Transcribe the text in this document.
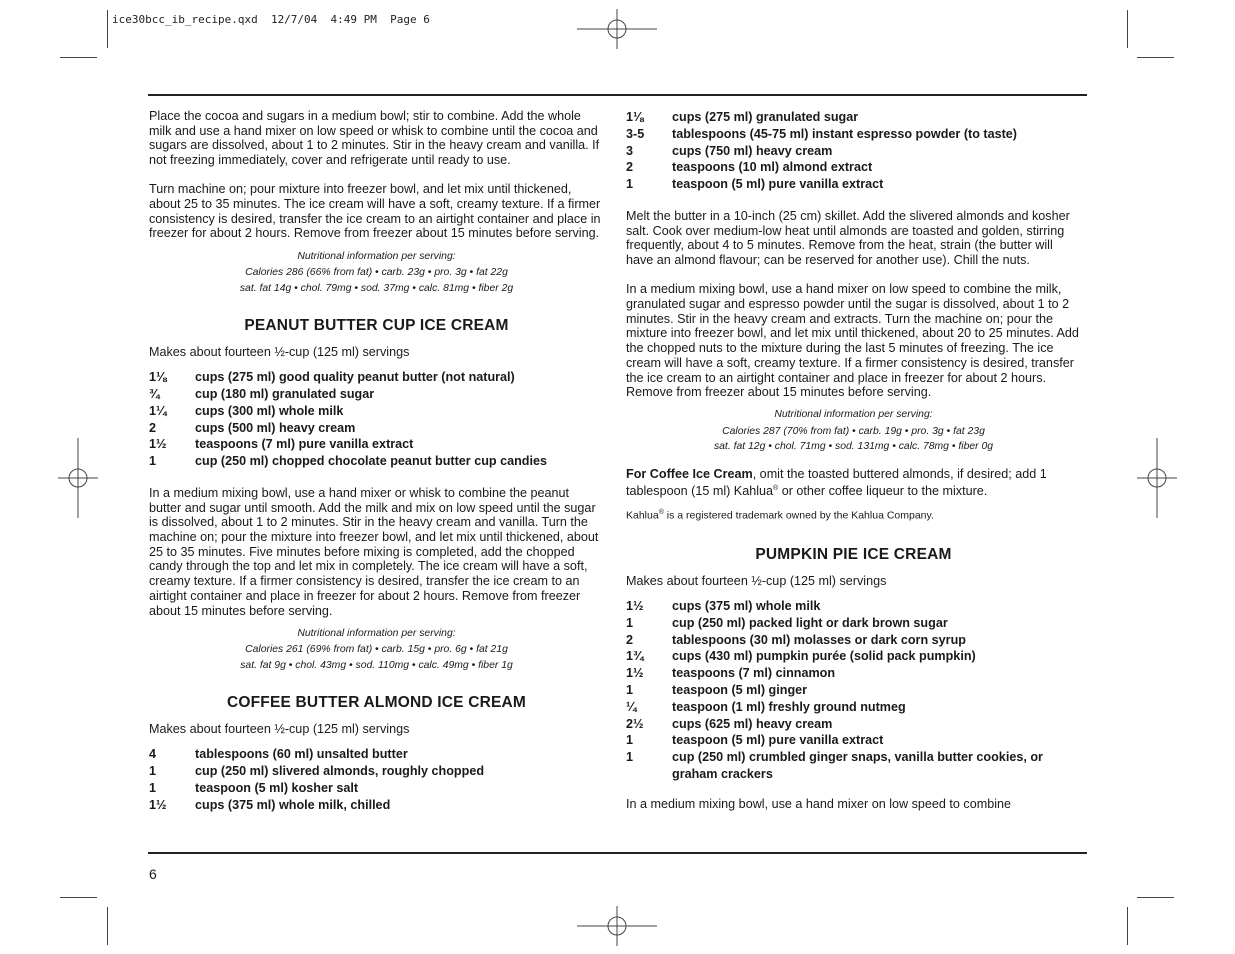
ice30bcc_ib_recipe.qxd  12/7/04  4:49 PM  Page 6

Place the cocoa and sugars in a medium bowl; stir to combine. Add the whole milk and use a hand mixer on low speed or whisk to combine until the cocoa and sugars are dissolved, about 1 to 2 minutes. Stir in the heavy cream and vanilla. If not freezing immediately, cover and refrigerate until ready to use.

Turn machine on; pour mixture into freezer bowl, and let mix until thickened, about 25 to 35 minutes. The ice cream will have a soft, creamy texture. If a firmer consistency is desired, transfer the ice cream to an airtight container and place in freezer for about 2 hours. Remove from freezer about 15 minutes before serving.

Nutritional information per serving:
Calories 286 (66% from fat) • carb. 23g • pro. 3g • fat 22g
sat. fat 14g • chol. 79mg • sod. 37mg • calc. 81mg • fiber 2g
PEANUT BUTTER CUP ICE CREAM
Makes about fourteen ½-cup (125 ml) servings
1⅛	cups (275 ml) good quality peanut butter (not natural)
¾	cup (180 ml) granulated sugar
1¼	cups (300 ml) whole milk
2	cups (500 ml) heavy cream
1½	teaspoons (7 ml) pure vanilla extract
1	cup (250 ml) chopped chocolate peanut butter cup candies

In a medium mixing bowl, use a hand mixer or whisk to combine the peanut butter and sugar until smooth. Add the milk and mix on low speed until the sugar is dissolved, about 1 to 2 minutes. Stir in the heavy cream and vanilla. Turn the machine on; pour the mixture into freezer bowl, and let mix until thickened, about 25 to 35 minutes. Five minutes before mixing is completed, add the chopped candy through the top and let mix in completely. The ice cream will have a soft, creamy texture. If a firmer consistency is desired, transfer the ice cream to an airtight container and place in freezer for about 2 hours. Remove from freezer about 15 minutes before serving.

Nutritional information per serving:
Calories 261 (69% from fat) • carb. 15g • pro. 6g • fat 21g
sat. fat 9g • chol. 43mg • sod. 110mg • calc. 49mg • fiber 1g
COFFEE BUTTER ALMOND ICE CREAM
Makes about fourteen ½-cup (125 ml) servings
4	tablespoons (60 ml) unsalted butter
1	cup (250 ml) slivered almonds, roughly chopped
1	teaspoon (5 ml) kosher salt
1½	cups (375 ml) whole milk, chilled
1⅛	cups (275 ml) granulated sugar
3-5	tablespoons (45-75 ml) instant espresso powder (to taste)
3	cups (750 ml) heavy cream
2	teaspoons (10 ml) almond extract
1	teaspoon (5 ml) pure vanilla extract

Melt the butter in a 10-inch (25 cm) skillet. Add the slivered almonds and kosher salt. Cook over medium-low heat until almonds are toasted and golden, stirring frequently, about 4 to 5 minutes. Remove from the heat, strain (the butter will have an almond flavour; can be reserved for another use). Chill the nuts.

In a medium mixing bowl, use a hand mixer on low speed to combine the milk, granulated sugar and espresso powder until the sugar is dissolved, about 1 to 2 minutes. Stir in the heavy cream and extracts. Turn the machine on; pour the mixture into freezer bowl, and let mix until thickened, about 20 to 25 minutes. Add the chopped nuts to the mixture during the last 5 minutes of freezing. The ice cream will have a soft, creamy texture. If a firmer consistency is desired, transfer the ice cream to an airtight container and place in freezer for about 2 hours. Remove from freezer about 15 minutes before serving.

Nutritional information per serving:
Calories 287 (70% from fat) • carb. 19g • pro. 3g • fat 23g
sat. fat 12g • chol. 71mg • sod. 131mg • calc. 78mg • fiber 0g

For Coffee Ice Cream, omit the toasted buttered almonds, if desired; add 1 tablespoon (15 ml) Kahlua® or other coffee liqueur to the mixture.

Kahlua® is a registered trademark owned by the Kahlua Company.

PUMPKIN PIE ICE CREAM
Makes about fourteen ½-cup (125 ml) servings
1½	cups (375 ml) whole milk
1	cup (250 ml) packed light or dark brown sugar
2	tablespoons (30 ml) molasses or dark corn syrup
1¾	cups (430 ml) pumpkin purée (solid pack pumpkin)
1½	teaspoons (7 ml) cinnamon
1	teaspoon (5 ml) ginger
¼	teaspoon (1 ml) freshly ground nutmeg
2½	cups (625 ml) heavy cream
1	teaspoon (5 ml) pure vanilla extract
1	cup (250 ml) crumbled ginger snaps, vanilla butter cookies, or graham crackers

In a medium mixing bowl, use a hand mixer on low speed to combine

6
